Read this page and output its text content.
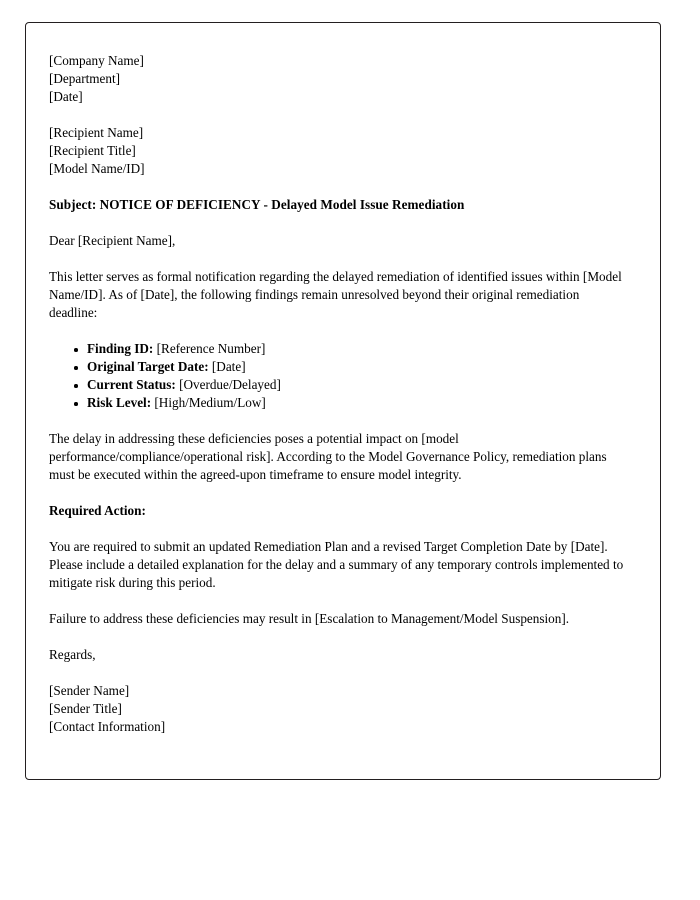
[Company Name]
[Department]
[Date]
[Recipient Name]
[Recipient Title]
[Model Name/ID]
Subject: NOTICE OF DEFICIENCY - Delayed Model Issue Remediation
Dear [Recipient Name],

This letter serves as formal notification regarding the delayed remediation of identified issues within [Model Name/ID]. As of [Date], the following findings remain unresolved beyond their original remediation deadline:

Finding ID: [Reference Number]
Original Target Date: [Date]
Current Status: [Overdue/Delayed]
Risk Level: [High/Medium/Low]

The delay in addressing these deficiencies poses a potential impact on [model performance/compliance/operational risk]. According to the Model Governance Policy, remediation plans must be executed within the agreed-upon timeframe to ensure model integrity.

Required Action:

You are required to submit an updated Remediation Plan and a revised Target Completion Date by [Date]. Please include a detailed explanation for the delay and a summary of any temporary controls implemented to mitigate risk during this period.

Failure to address these deficiencies may result in [Escalation to Management/Model Suspension].

Regards,
[Sender Name]
[Sender Title]
[Contact Information]
